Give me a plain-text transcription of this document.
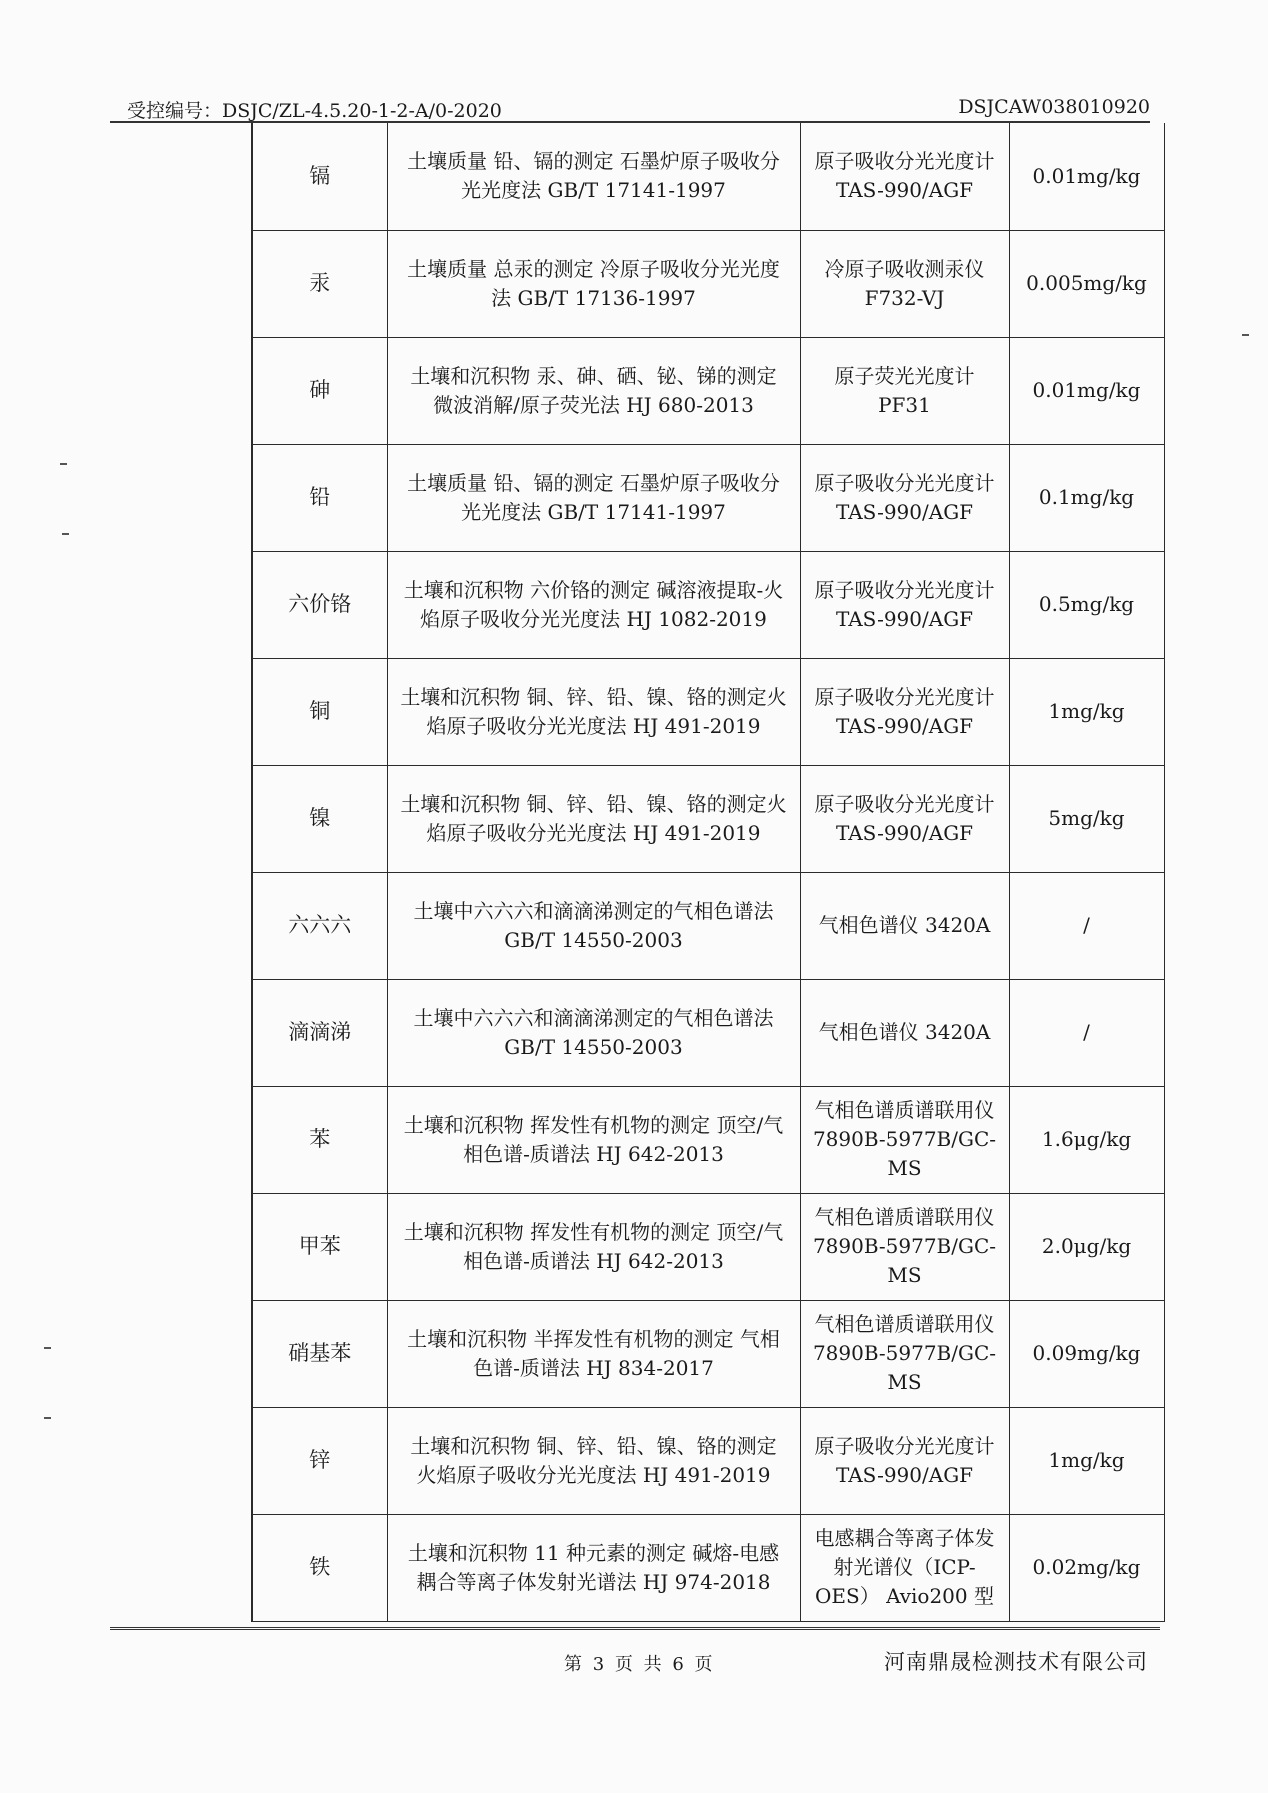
受控编号：DSJC/ZL-4.5.20-1-2-A/0-2020	DSJCAW038010920
镉	土壤质量 铅、镉的测定 石墨炉原子吸收分光光度法 GB/T 17141-1997	原子吸收分光光度计 TAS-990/AGF	0.01mg/kg
汞	土壤质量 总汞的测定 冷原子吸收分光光度法 GB/T 17136-1997	冷原子吸收测汞仪 F732-VJ	0.005mg/kg
砷	土壤和沉积物 汞、砷、硒、铋、锑的测定 微波消解/原子荧光法 HJ 680-2013	原子荧光光度计 PF31	0.01mg/kg
铅	土壤质量 铅、镉的测定 石墨炉原子吸收分光光度法 GB/T 17141-1997	原子吸收分光光度计 TAS-990/AGF	0.1mg/kg
六价铬	土壤和沉积物 六价铬的测定 碱溶液提取-火焰原子吸收分光光度法 HJ 1082-2019	原子吸收分光光度计 TAS-990/AGF	0.5mg/kg
铜	土壤和沉积物 铜、锌、铅、镍、铬的测定火焰原子吸收分光光度法 HJ 491-2019	原子吸收分光光度计 TAS-990/AGF	1mg/kg
镍	土壤和沉积物 铜、锌、铅、镍、铬的测定火焰原子吸收分光光度法 HJ 491-2019	原子吸收分光光度计 TAS-990/AGF	5mg/kg
六六六	土壤中六六六和滴滴涕测定的气相色谱法 GB/T 14550-2003	气相色谱仪 3420A	/
滴滴涕	土壤中六六六和滴滴涕测定的气相色谱法 GB/T 14550-2003	气相色谱仪 3420A	/
苯	土壤和沉积物 挥发性有机物的测定 顶空/气相色谱-质谱法 HJ 642-2013	气相色谱质谱联用仪 7890B-5977B/GC-MS	1.6μg/kg
甲苯	土壤和沉积物 挥发性有机物的测定 顶空/气相色谱-质谱法 HJ 642-2013	气相色谱质谱联用仪 7890B-5977B/GC-MS	2.0μg/kg
硝基苯	土壤和沉积物 半挥发性有机物的测定 气相色谱-质谱法 HJ 834-2017	气相色谱质谱联用仪 7890B-5977B/GC-MS	0.09mg/kg
锌	土壤和沉积物 铜、锌、铅、镍、铬的测定 火焰原子吸收分光光度法 HJ 491-2019	原子吸收分光光度计 TAS-990/AGF	1mg/kg
铁	土壤和沉积物 11 种元素的测定 碱熔-电感耦合等离子体发射光谱法 HJ 974-2018	电感耦合等离子体发射光谱仪（ICP-OES） Avio200 型	0.02mg/kg
第 3 页 共 6 页	河南鼎晟检测技术有限公司
